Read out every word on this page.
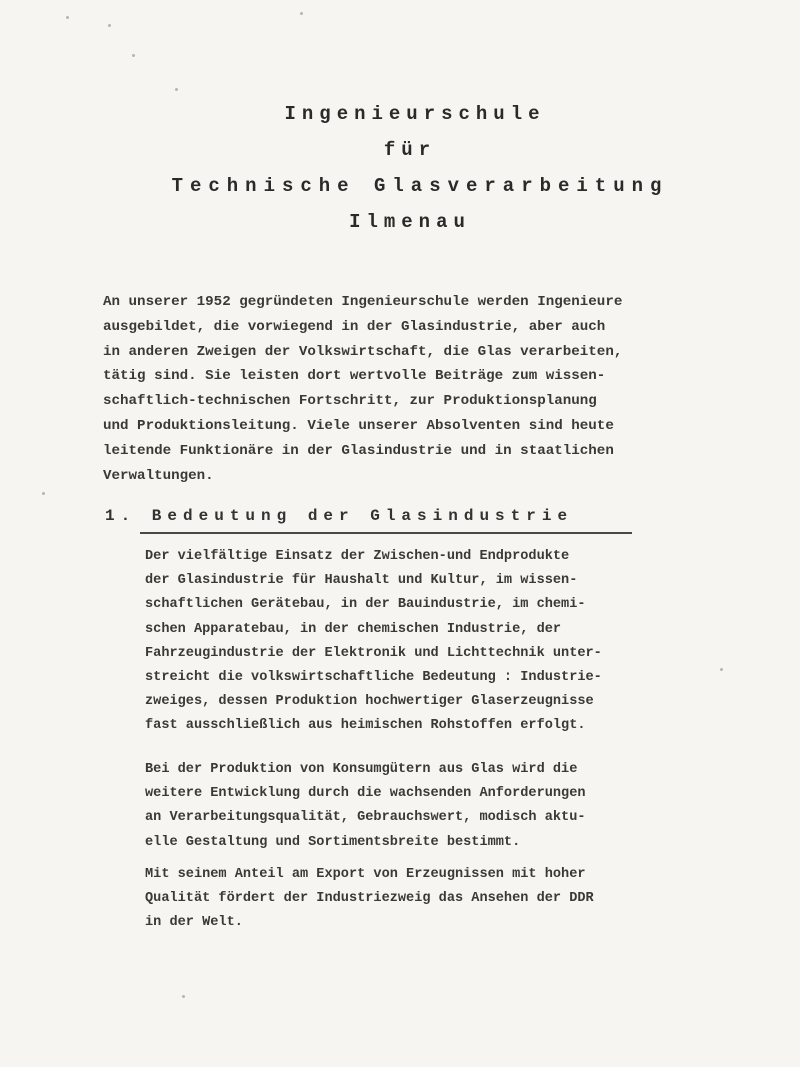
Ingenieurschule
für
Technische Glasverarbeitung
Ilmenau
An unserer 1952 gegründeten Ingenieurschule werden Ingenieure
ausgebildet, die vorwiegend in der Glasindustrie, aber auch
in anderen Zweigen der Volkswirtschaft, die Glas verarbeiten,
tätig sind. Sie leisten dort wertvolle Beiträge zum wissen-
schaftlich-technischen Fortschritt, zur Produktionsplanung
und Produktionsleitung. Viele unserer Absolventen sind heute
leitende Funktionäre in der Glasindustrie und in staatlichen
Verwaltungen.
1. Bedeutung der Glasindustrie
Der vielfältige Einsatz der Zwischen-und Endprodukte
der Glasindustrie für Haushalt und Kultur, im wissen-
schaftlichen Gerätebau, in der Bauindustrie, im chemi-
schen Apparatebau, in der chemischen Industrie, der
Fahrzeugindustrie der Elektronik und Lichttechnik unter-
streicht die volkswirtschaftliche Bedeutung : Industrie-
zweiges, dessen Produktion hochwertiger Glaserzeugnisse
fast ausschließlich aus heimischen Rohstoffen erfolgt.
Bei der Produktion von Konsumgütern aus Glas wird die
weitere Entwicklung durch die wachsenden Anforderungen
an Verarbeitungsqualität, Gebrauchswert, modisch aktu-
elle Gestaltung und Sortimentsbreite bestimmt.
Mit seinem Anteil am Export von Erzeugnissen mit hoher
Qualität fördert der Industriezweig das Ansehen der DDR
in der Welt.
